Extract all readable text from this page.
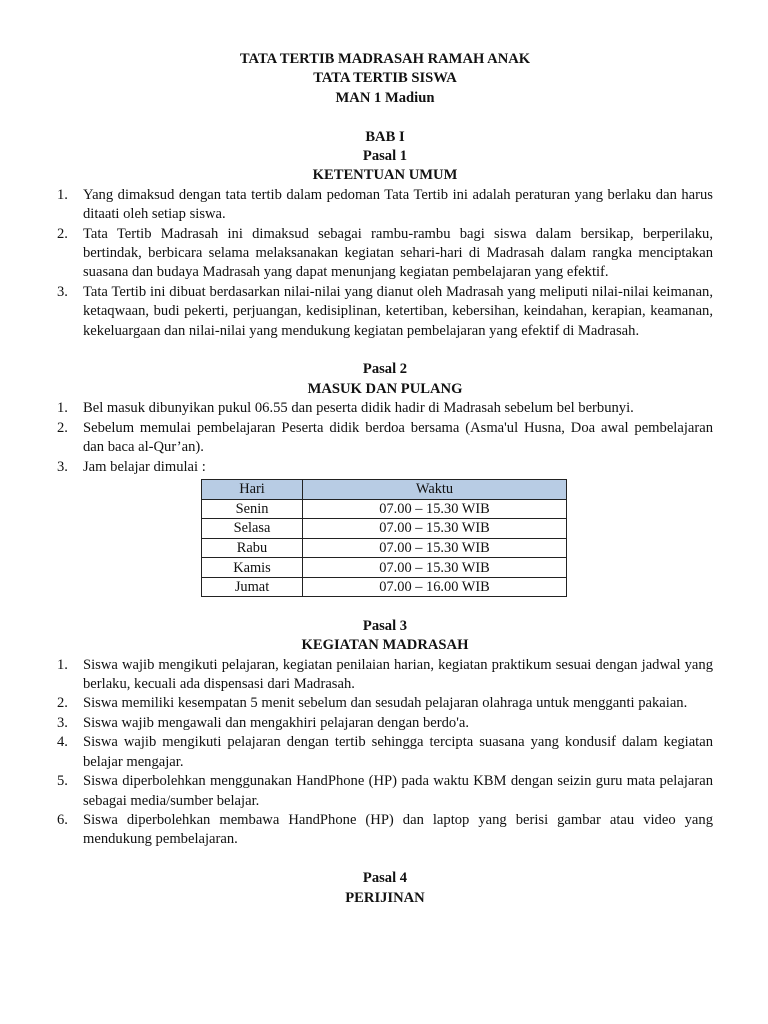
TATA TERTIB MADRASAH RAMAH ANAK
TATA TERTIB SISWA
MAN 1 Madiun
BAB I
Pasal 1
KETENTUAN UMUM
1. Yang dimaksud dengan tata tertib dalam pedoman Tata Tertib ini adalah peraturan yang berlaku dan harus ditaati oleh setiap siswa.
2. Tata Tertib Madrasah ini dimaksud sebagai rambu-rambu bagi siswa dalam bersikap, berperilaku, bertindak, berbicara selama melaksanakan kegiatan sehari-hari di Madrasah dalam rangka menciptakan suasana dan budaya Madrasah yang dapat menunjang kegiatan pembelajaran yang efektif.
3. Tata Tertib ini dibuat berdasarkan nilai-nilai yang dianut oleh Madrasah yang meliputi nilai-nilai keimanan, ketaqwaan, budi pekerti, perjuangan, kedisiplinan, ketertiban, kebersihan, keindahan, kerapian, keamanan, kekeluargaan dan nilai-nilai yang mendukung kegiatan pembelajaran yang efektif di Madrasah.
Pasal 2
MASUK DAN PULANG
1. Bel masuk dibunyikan pukul 06.55 dan peserta didik hadir di Madrasah sebelum bel berbunyi.
2. Sebelum memulai pembelajaran Peserta didik berdoa bersama (Asma'ul Husna, Doa awal pembelajaran dan baca al-Qur’an).
3. Jam belajar dimulai :
Hari	Waktu
Senin	07.00 – 15.30 WIB
Selasa	07.00 – 15.30 WIB
Rabu	07.00 – 15.30 WIB
Kamis	07.00 – 15.30 WIB
Jumat	07.00 – 16.00 WIB
Pasal 3
KEGIATAN MADRASAH
1. Siswa wajib mengikuti pelajaran, kegiatan penilaian harian, kegiatan praktikum sesuai dengan jadwal yang berlaku, kecuali ada dispensasi dari Madrasah.
2. Siswa memiliki kesempatan 5 menit sebelum dan sesudah pelajaran olahraga untuk mengganti pakaian.
3. Siswa wajib mengawali dan mengakhiri pelajaran dengan berdo'a.
4. Siswa wajib mengikuti pelajaran dengan tertib sehingga tercipta suasana yang kondusif dalam kegiatan belajar mengajar.
5. Siswa diperbolehkan menggunakan HandPhone (HP) pada waktu KBM dengan seizin guru mata pelajaran sebagai media/sumber belajar.
6. Siswa diperbolehkan membawa HandPhone (HP) dan laptop yang berisi gambar atau video yang mendukung pembelajaran.
Pasal 4
PERIJINAN
